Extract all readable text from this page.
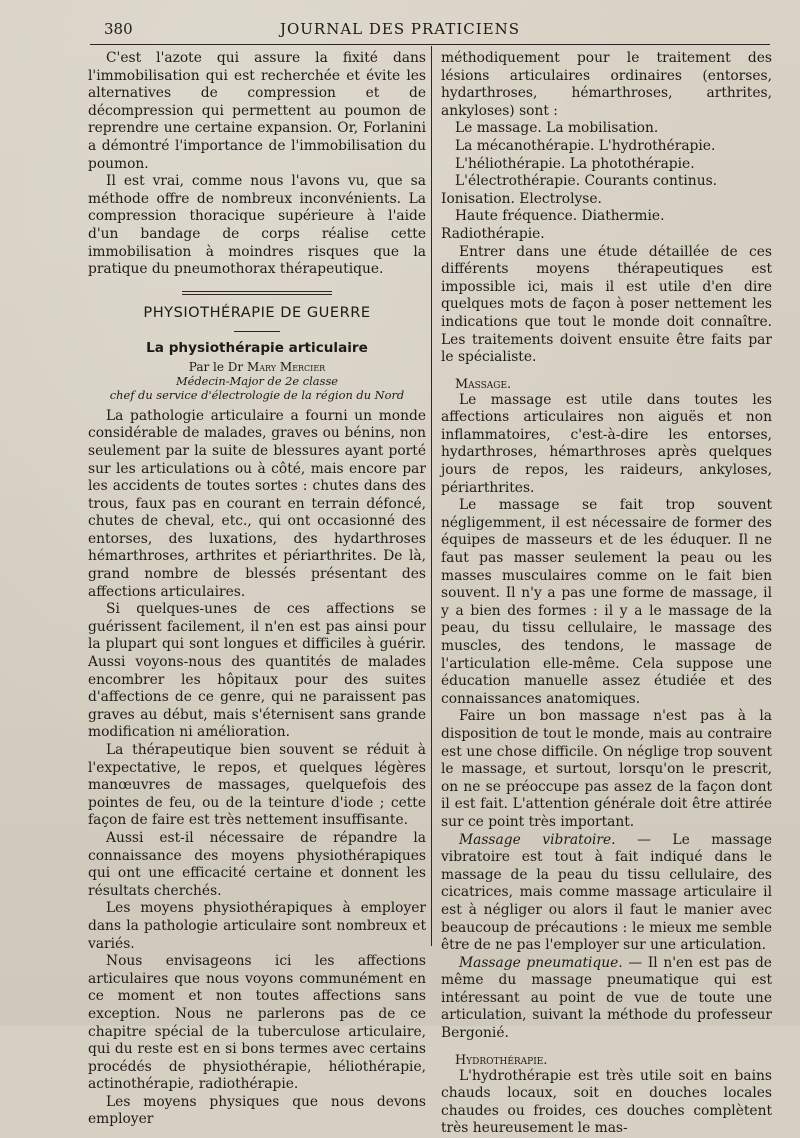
380	JOURNAL DES PRATICIENS

C'est l'azote qui assure la fixité dans l'immobilisation qui est recherchée et évite les alternatives de compression et de décompression qui permettent au poumon de reprendre une certaine expansion. Or, Forlanini a démontré l'importance de l'immobilisation du poumon.

Il est vrai, comme nous l'avons vu, que sa méthode offre de nombreux inconvénients. La compression thoracique supérieure à l'aide d'un bandage de corps réalise cette immobilisation à moindres risques que la pratique du pneumothorax thérapeutique.

PHYSIOTHÉRAPIE DE GUERRE
La physiothérapie articulaire
Par le Dr Mary Mercier
Médecin-Major de 2e classe
chef du service d'électrologie de la région du Nord

La pathologie articulaire a fourni un monde considérable de malades, graves ou bénins, non seulement par la suite de blessures ayant porté sur les articulations ou à côté, mais encore par les accidents de toutes sortes : chutes dans des trous, faux pas en courant en terrain défoncé, chutes de cheval, etc., qui ont occasionné des entorses, des luxations, des hydarthroses hémarthroses, arthrites et périarthrites. De là, grand nombre de blessés présentant des affections articulaires.

Si quelques-unes de ces affections se guérissent facilement, il n'en est pas ainsi pour la plupart qui sont longues et difficiles à guérir. Aussi voyons-nous des quantités de malades encombrer les hôpitaux pour des suites d'affections de ce genre, qui ne paraissent pas graves au début, mais s'éternisent sans grande modification ni amélioration.

La thérapeutique bien souvent se réduit à l'expectative, le repos, et quelques légères manœuvres de massages, quelquefois des pointes de feu, ou de la teinture d'iode ; cette façon de faire est très nettement insuffisante.

Aussi est-il nécessaire de répandre la connaissance des moyens physiothérapiques qui ont une efficacité certaine et donnent les résultats cherchés.

Les moyens physiothérapiques à employer dans la pathologie articulaire sont nombreux et variés.

Nous envisageons ici les affections articulaires que nous voyons communément en ce moment et non toutes affections sans exception. Nous ne parlerons pas de ce chapitre spécial de la tuberculose articulaire, qui du reste est en si bons termes avec certains procédés de physiothérapie, héliothérapie, actinothérapie, radiothérapie.

Les moyens physiques que nous devons employer

méthodiquement pour le traitement des lésions articulaires ordinaires (entorses, hydarthroses, hémarthroses, arthrites, ankyloses) sont :

Le massage. La mobilisation.

La mécanothérapie. L'hydrothérapie.

L'héliothérapie. La photothérapie.

L'électrothérapie. Courants continus. Ionisation. Electrolyse.

Haute fréquence. Diathermie. Radiothérapie.

Entrer dans une étude détaillée de ces différents moyens thérapeutiques est impossible ici, mais il est utile d'en dire quelques mots de façon à poser nettement les indications que tout le monde doit connaître. Les traitements doivent ensuite être faits par le spécialiste.

Massage.

Le massage est utile dans toutes les affections articulaires non aiguës et non inflammatoires, c'est-à-dire les entorses, hydarthroses, hémarthroses après quelques jours de repos, les raideurs, ankyloses, périarthrites.

Le massage se fait trop souvent négligemment, il est nécessaire de former des équipes de masseurs et de les éduquer. Il ne faut pas masser seulement la peau ou les masses musculaires comme on le fait bien souvent. Il n'y a pas une forme de massage, il y a bien des formes : il y a le massage de la peau, du tissu cellulaire, le massage des muscles, des tendons, le massage de l'articulation elle-même. Cela suppose une éducation manuelle assez étudiée et des connaissances anatomiques.

Faire un bon massage n'est pas à la disposition de tout le monde, mais au contraire est une chose difficile. On néglige trop souvent le massage, et surtout, lorsqu'on le prescrit, on ne se préoccupe pas assez de la façon dont il est fait. L'attention générale doit être attirée sur ce point très important.

Massage vibratoire. — Le massage vibratoire est tout à fait indiqué dans le massage de la peau du tissu cellulaire, des cicatrices, mais comme massage articulaire il est à négliger ou alors il faut le manier avec beaucoup de précautions : le mieux me semble être de ne pas l'employer sur une articulation.

Massage pneumatique. — Il n'en est pas de même du massage pneumatique qui est intéressant au point de vue de toute une articulation, suivant la méthode du professeur Bergonié.

Hydrothérapie.

L'hydrothérapie est très utile soit en bains chauds locaux, soit en douches locales chaudes ou froides, ces douches complètent très heureusement le mas-
